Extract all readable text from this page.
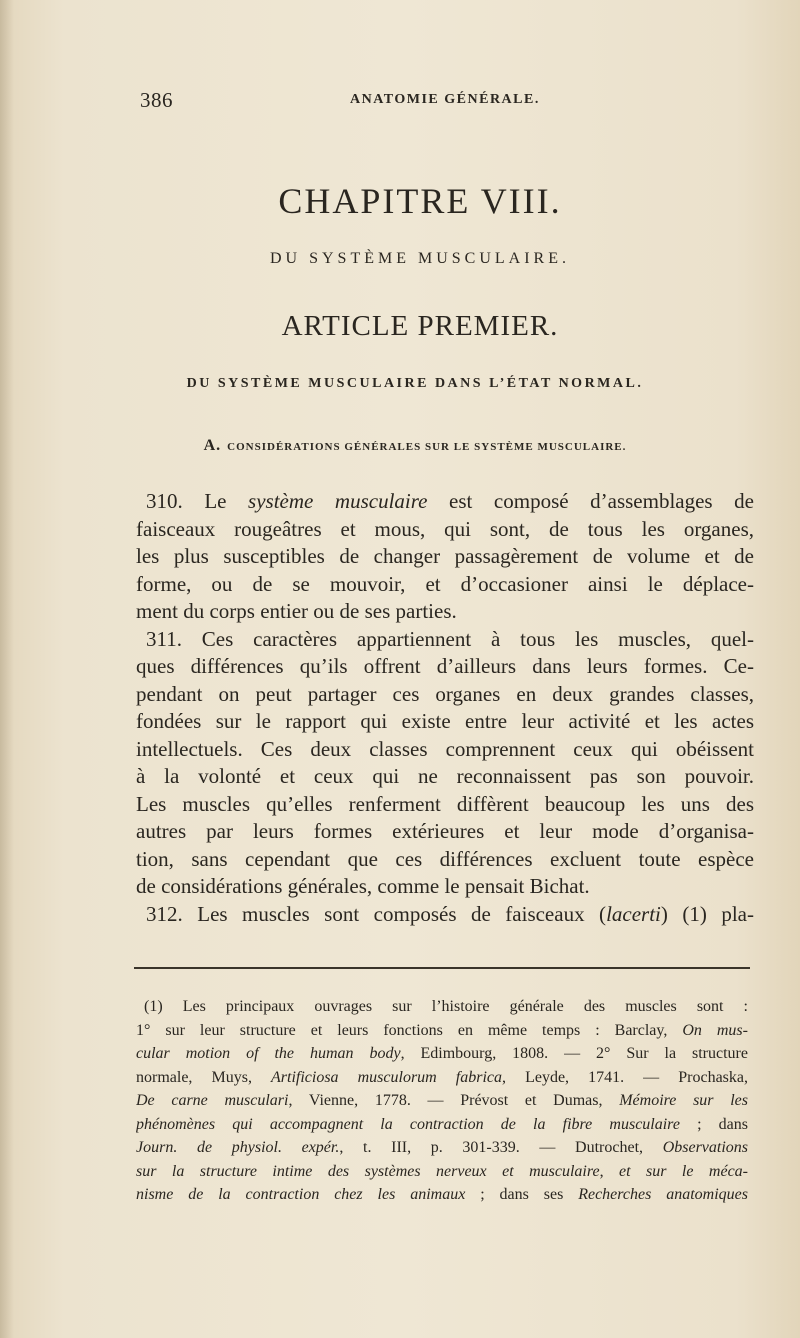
386	ANATOMIE GÉNÉRALE.
CHAPITRE VIII.
DU SYSTÈME MUSCULAIRE.
ARTICLE PREMIER.
DU SYSTÈME MUSCULAIRE DANS L’ÉTAT NORMAL.
A. CONSIDÉRATIONS GÉNÉRALES SUR LE SYSTÈME MUSCULAIRE.
310. Le système musculaire est composé d’assemblages de
faisceaux rougeâtres et mous, qui sont, de tous les organes,
les plus susceptibles de changer passagèrement de volume et de
forme, ou de se mouvoir, et d’occasioner ainsi le déplace-
ment du corps entier ou de ses parties.
311. Ces caractères appartiennent à tous les muscles, quel-
ques différences qu’ils offrent d’ailleurs dans leurs formes. Ce-
pendant on peut partager ces organes en deux grandes classes,
fondées sur le rapport qui existe entre leur activité et les actes
intellectuels. Ces deux classes comprennent ceux qui obéissent
à la volonté et ceux qui ne reconnaissent pas son pouvoir.
Les muscles qu’elles renferment diffèrent beaucoup les uns des
autres par leurs formes extérieures et leur mode d’organisa-
tion, sans cependant que ces différences excluent toute espèce
de considérations générales, comme le pensait Bichat.
312. Les muscles sont composés de faisceaux (lacerti) (1) pla-
(1) Les principaux ouvrages sur l’histoire générale des muscles sont :
1° sur leur structure et leurs fonctions en même temps : Barclay, On mus-
cular motion of the human body, Edimbourg, 1808. — 2° Sur la structure
normale, Muys, Artificiosa musculorum fabrica, Leyde, 1741. — Prochaska,
De carne musculari, Vienne, 1778. — Prévost et Dumas, Mémoire sur les
phénomènes qui accompagnent la contraction de la fibre musculaire ; dans
Journ. de physiol. expér., t. III, p. 301-339. — Dutrochet, Observations
sur la structure intime des systèmes nerveux et musculaire, et sur le méca-
nisme de la contraction chez les animaux ; dans ses Recherches anatomiques
